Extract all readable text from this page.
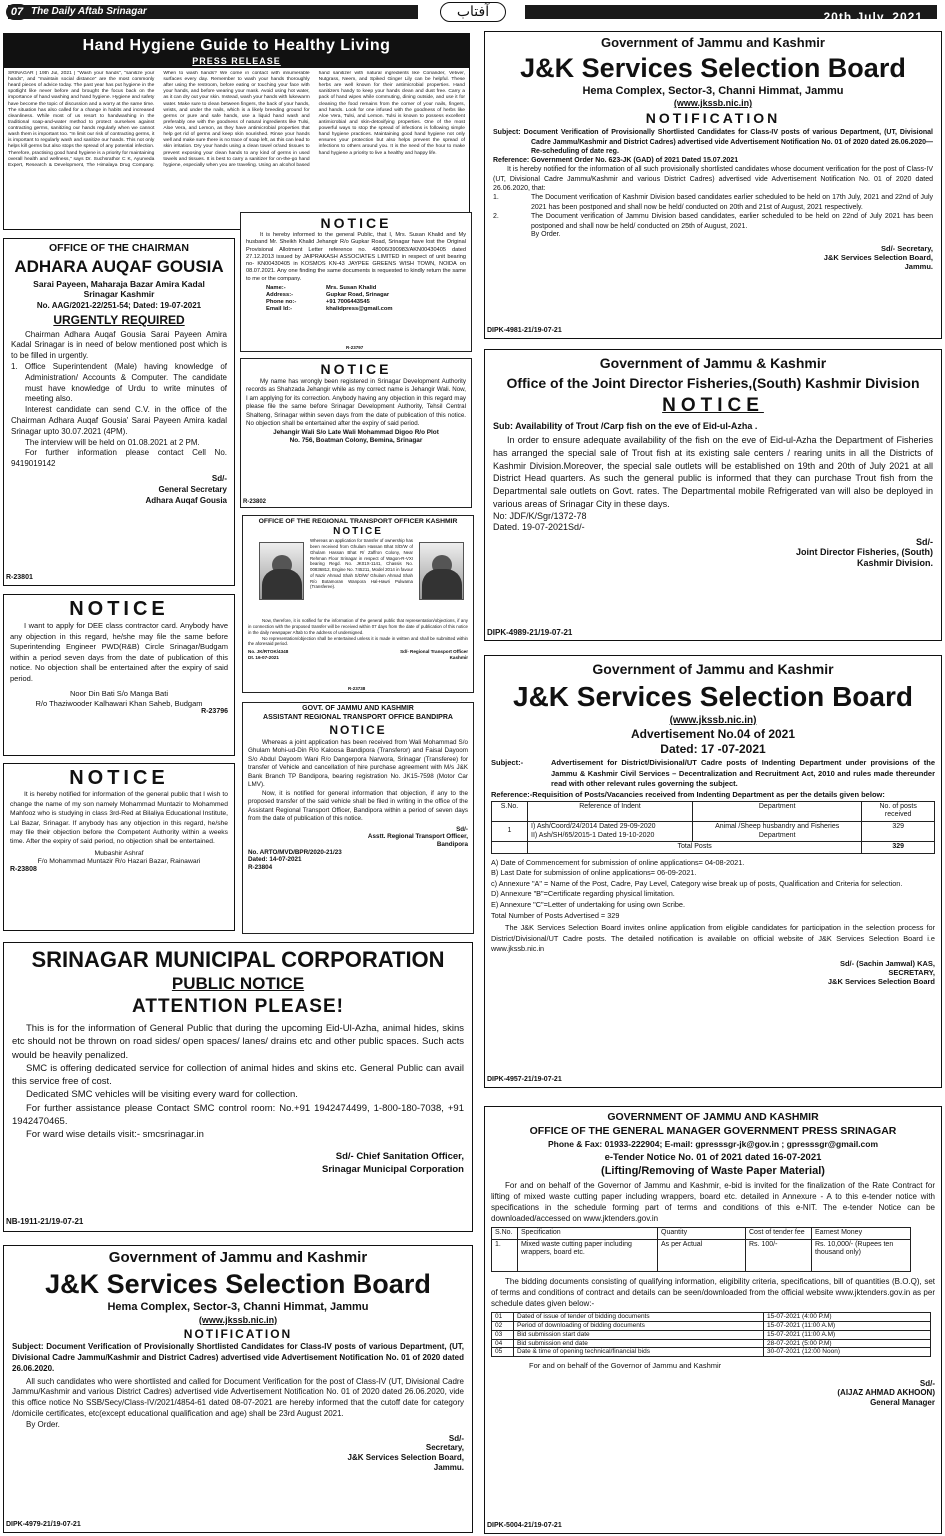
07 The Daily Aftab Srinagar	آفتاب	20th July, 2021
Hand Hygiene Guide to Healthy Living
PRESS RELEASE
SRINAGAR | 19th Jul, 2021 | "Wash your hands", "sanitize your hands", and "maintain social distance" are the most commonly heard pieces of advice today. The past year has put hygiene in the spotlight like never before and brought the focus back on the importance of hand washing and hand hygiene. Hygiene and safety have become the topic of discussion and a worry at the same time. The situation has also called for a change in habits and increased cleanliness. While most of us resort to handwashing in the traditional soap-and-water method to protect ourselves against contracting germs, sanitizing our hands regularly when we cannot wash them is important too. "In limit our risk of contracting germs, it is important to regularly wash and sanitize our hands. This not only helps kill germs but also stops the spread of any potential infection. Therefore, practising good hand hygiene is a priority for maintaining overall health and wellness," says Dr. Suchsrathor C K, Ayurveda Expert, Research & Development, The Himalaya Drug Company. When to wash hands? We come in contact with innumerable surfaces every day. Remember to wash your hands thoroughly after using the restroom, before eating or touching your face with your hands, and before wearing your mask. Avoid using hot water, as it can dry out your skin. Instead, wash your hands with lukewarm water. Make sure to clean between fingers, the back of your hands, wrists, and under the nails, which is a likely breeding ground for germs or pure and safe hands, use a liquid hand wash and preferably one with the goodness of natural ingredients like Tulsi, Aloe Vera, and Lemon, as they have antimicrobial properties that help get rid of germs and keep skin nourished. Rinse your hands well and make sure there is no trace of soap left, as this can lead to skin irritation. Dry your hands using a clean towel or/and tissues to prevent exposing your clean hands to any kind of germs in used towels and tissues. It is best to carry a sanitizer for on-the-go hand hygiene, especially when you are traveling. Using an alcohol based hand sanitizer with natural ingredients like Coriander, Vetiver, Nutgrass, Neem, and Spiked Ginger Lily can be helpful. These herbs are well known for their antimicrobial properties. Hand sanitizers handy to keep your hands clean and dust free. Carry a pack of hand wipes while commuting, dining outside, and use it for cleaning the food remains from the corner of your nails, fingers, and hands. Look for one infused with the goodness of herbs like Aloe Vera, Tulsi, and Lemon. Tulsi is known to possess excellent antimicrobial and skin-detoxifying properties. One of the most powerful ways to stop the spread of infections is following simple hand hygiene practices. Maintaining good hand hygiene not only ensures your protection but also helps prevent the spread of infections to others around you. It is the need of the hour to make hand hygiene a priority to live a healthy and happy life.
OFFICE OF THE CHAIRMAN
ADHARA AUQAF GOUSIA
Sarai Payeen, Maharaja Bazar Amira Kadal
Srinagar Kashmir
No. AAG/2021-22/251-54; Dated: 19-07-2021
URGENTLY REQUIRED

Chairman Adhara Auqaf Gousia Sarai Payeen Amira Kadal Srinagar is in need of below mentioned post which is to be filled in urgently.

1. Office Superintendent (Male) having knowledge of Administration/ Accounts & Computer. The candidate must have knowledge of Urdu to write minutes of meeting also.

Interest candidate can send C.V. in the office of the Chairman Adhara Auqaf Gousia' Sarai Payeen Amira kadal Srinagar upto 30.07.2021 (4PM).

The interview will be held on 01.08.2021 at 2 PM.

For further information please contact Cell No. 9419019142

Sd/-

General Secretary

Adhara Auqaf Gousia

R-23801
NOTICE

It is hereby informed to the general Public, that I, Mrs. Susan Khalid and My husband Mr. Sheikh Khalid Jehangir R/o Gupkar Road, Srinagar have lost the Original Provisional Allotment Letter reference no. 48006/390983/AKN00430405 dated 27.12.2013 issued by JAIPRAKASH ASSOCIATES LIMITED in respect of unit bearing no- KN00430405 in KOSMOS KN-43 JAYPEE GREENS WISH TOWN, NOIDA on 08.07.2021. Any one finding the same documents is requested to kindly return the same to me or the company.

Name:-	Mrs. Susan Khalid
Address:-	Gupkar Road, Srinagar
Phone no:-	+91 7006443545
Email Id:-	khalidpress@gmail.com
R-23797
NOTICE

My name has wrongly been registered in Srinagar Development Authority records as Shahzada Jehangir while as my correct name is Jehangir Wali. Now, I am applying for its correction. Anybody having any objection in this regard may please file the same before Srinagar Development Authority, Tehsil Central Shalteng, Srinagar within seven days from the date of publication of this notice. No objection shall be entertained after the expiry of said period.

Jehangir Wali S/o Late Wali Mohammad Digoo R/o Plot

No. 756, Boatman Colony, Bemina, Srinagar

R-23802
OFFICE OF THE REGIONAL TRANSPORT OFFICER KASHMIR
NOTICE

Whereas an application for transfer of ownership has been received from Ghulam Hassan Bhat S/D/W of Ghulam Hassan Bhat R/ Zaffron Colony, Near Rehman Floor Srinagar in respect of Wagon-R-VXI bearing Regd. No. JK01X-1141, Chassis No. 00836812, Engine No. 745211, Model 2014 in favour of Nazir Ahmad Shah S/D/W/ Ghulam Ahmad Shah R/o Botamoran Wanpora Hal-Hawri Pulwama (Transferee).

Now, therefore, it is notified for the information of the general public that representation/objections, if any in connection with the proposed transfer will be received within 07 days from the date of publication of this notice in the daily newspaper Aftab to the address of undersigned.

No representation/objection shall be entertained unless it is made in written and shall be submitted within the aforesaid period.

No. JK/RTOK/4348
Dt. 16-07-2021
Sd/- Regional Transport Officer Kashmir
R-23738
GOVT. OF JAMMU AND KASHMIR
ASSISTANT REGIONAL TRANSPORT OFFICE BANDIPRA
NOTICE

Whereas a joint application has been received from Wali Mohammad S/o Ghulam Mohi-ud-Din R/o Kaloosa Bandipora (Transferor) and Faisal Dayoom S/o Abdul Dayoom Wani R/o Dangerpora Narwora, Srinagar (Transferee) for transfer of Vehicle and cancellation of hire purchase agreement with M/s J&K Bank Branch TP Bandipora, bearing registration No. JK15-7598 (Motor Car LMV).

Now, it is notified for general information that objection, if any to the proposed transfer of the said vehicle shall be filed in writing in the office of the Assistant Regional Transport Officer, Bandipora within a period of seven days from the date of publication of this notice.

Sd/-

Asstt. Regional Transport Officer,

Bandipora

No. ARTO/MVD/BPR/2020-21/23

Dated: 14-07-2021

R-23804

NOTICE

I want to apply for DEE class contractor card. Anybody have any objection in this regard, he/she may file the same before Superintending Engineer PWD(R&B) Circle Srinagar/Budgam within a period seven days from the date of publication of this notice. No objection shall be entertained after the expiry of said period.

Noor Din Bati S/o Manga Bati

R/o Thaziwooder Kalhawari Khan Saheb, Budgam

R-23796

NOTICE

It is hereby notified for information of the general public that I wish to change the name of my son namely Mohammad Muntazir to Mohammed Mahfooz who is studying in class 3rd-Red at Bilaliya Educational Institute, Lal Bazar, Srinagar. If anybody has any objection in this regard, he/she may file their objection before the Competent Authority within a weeks time. After the expiry of said period, no objection shall be entertained.

Mubashir Ashraf

F/o Mohammad Muntazir R/o Hazari Bazar, Rainawari

R-23808

SRINAGAR MUNICIPAL CORPORATION
PUBLIC NOTICE
ATTENTION PLEASE!

This is for the information of General Public that during the upcoming Eid-Ul-Azha, animal hides, skins etc should not be thrown on road sides/ open spaces/ lanes/ drains etc and other public spaces. Such acts would be heavily penalized.

SMC is offering dedicated service for collection of animal hides and skins etc. General Public can avail this service free of cost.

Dedicated SMC vehicles will be visiting every ward for collection.

For further assistance please Contact SMC control room: No.+91 1942474499, 1-800-180-7038, +91 1942470465.

For ward wise details visit:- smcsrinagar.in

Sd/- Chief Sanitation Officer,

Srinagar Municipal Corporation

NB-1911-21/19-07-21
Government of Jammu and Kashmir
J&K Services Selection Board
Hema Complex, Sector-3, Channi Himmat, Jammu
(www.jkssb.nic.in)
NOTIFICATION

Subject: Document Verification of Provisionally Shortlisted Candidates for Class-IV posts of various Department, (UT, Divisional Cadre Jammu/Kashmir and District Cadres) advertised vide Advertisement Notification No. 01 of 2020 dated 26.06.2020.

All such candidates who were shortlisted and called for Document Verification for the post of Class-IV (UT, Divisional Cadre Jammu/Kashmir and various District Cadres) advertised vide Advertisement Notification No. 01 of 2020 dated 26.06.2020, vide this office notice No SSB/Secy/Class-IV/2021/4854-61 dated 08-07-2021 are hereby informed that the cutoff date for category /domicile certificates, etc(except educational qualification and age) shall be 23rd August 2021.

By Order.

Sd/-

Secretary,

J&K Services Selection Board,

Jammu.

DIPK-4979-21/19-07-21
Government of Jammu and Kashmir
J&K Services Selection Board
Hema Complex, Sector-3, Channi Himmat, Jammu
(www.jkssb.nic.in)
NOTIFICATION

Subject: Document Verification of Provisionally Shortlisted Candidates for Class-IV posts of various Department, (UT, Divisional Cadre Jammu/Kashmir and District Cadres) advertised vide Advertisement Notification No. 01 of 2020 dated 26.06.2020— Re-scheduling of date reg.

Reference: Government Order No. 623-JK (GAD) of 2021 Dated 15.07.2021

It is hereby notified for the information of all such provisionally shortlisted candidates whose document verification for the post of Class-IV (UT, Divisional Cadre Jammu/Kashmir and various District Cadres) advertised vide Advertisement Notification No. 01 of 2020 dated 26.06.2020, that:

1.	The Document verification of Kashmir Division based candidates earlier scheduled to be held on 17th July, 2021 and 22nd of July 2021 has been postponed and shall now be held/ conducted on 20th and 21st of August, 2021 respectively.
2.	The Document verification of Jammu Division based candidates, earlier scheduled to be held on 22nd of July 2021 has been postponed and shall now be held/ conducted on 25th of August, 2021.

By Order.

Sd/- Secretary,

J&K Services Selection Board,

Jammu.

DIPK-4981-21/19-07-21
Government of Jammu & Kashmir
Office of the Joint Director Fisheries,(South) Kashmir Division
NOTICE

Sub: Availability of Trout /Carp fish on the eve of Eid-ul-Azha .

In order to ensure adequate availability of the fish on the eve of Eid-ul-Azha the Department of Fisheries has arranged the special sale of Trout fish at its existing sale centers / rearing units in all the Districts of Kashmir Division.Moreover, the special sale outlets will be established on 19th and 20th of July 2021 at all District Head quarters. As such the general public is informed that they can purchase Trout fish from the Departmental sale outlets on Govt. rates. The Departmental mobile Refrigerated van will also be deployed in various areas of Srinagar City in these days.

No: JDF/K/Sgr/1372-78

Dated. 19-07-2021Sd/-

Sd/-

Joint Director Fisheries, (South)

Kashmir Division.

DIPK-4989-21/19-07-21
Government of Jammu and Kashmir
J&K Services Selection Board
(www.jkssb.nic.in)
Advertisement No.04 of 2021
Dated: 17 -07-2021
Subject:-	Advertisement for District/Divisional/UT Cadre posts of Indenting Department under provisions of the Jammu & Kashmir Civil Services – Decentralization and Recruitment Act, 2010 and rules made thereunder read with other relevant rules governing the subject.

Reference:-Requisition of Posts/Vacancies received from Indenting Department as per the details given below:

S.No.	Reference of Indent	Department	No. of posts received
1	I) Ash/Coord/24/2014 Dated 29-09-2020
II) Ash/SH/65/2015-1 Dated 19-10-2020	Animal /Sheep husbandry and Fisheries Department	329
	Total Posts		329

A) Date of Commencement for submission of online applications= 04-08-2021.

B) Last Date for submission of online applications= 06-09-2021.

c) Annexure "A" = Name of the Post, Cadre, Pay Level, Category wise break up of posts, Qualification and Criteria for selection.

D) Annexure "B"=Certificate regarding physical limitation.

E) Annexure "C"=Letter of undertaking for using own Scribe.

Total Number of Posts Advertised = 329

The J&K Services Selection Board invites online application from eligible candidates for participation in the selection process for District/Divisional/UT Cadre posts. The detailed notification is available on official website of J&K Services Selection Board i.e www.jkssb.nic.in

Sd/- (Sachin Jamwal) KAS,

SECRETARY,

J&K Services Selection Board

DIPK-4957-21/19-07-21
GOVERNMENT OF JAMMU AND KASHMIR
OFFICE OF THE GENERAL MANAGER GOVERNMENT PRESS SRINAGAR
Phone & Fax: 01933-222904; E-mail: gpresssgr-jk@gov.in ; gpresssgr@gmail.com
e-Tender Notice No. 01 of 2021 dated 16-07-2021
(Lifting/Removing of Waste Paper Material)

For and on behalf of the Governor of Jammu and Kashmir, e-bid is invited for the finalization of the Rate Contract for lifting of mixed waste cutting paper including wrappers, board etc. detailed in Annexure - A to this e-tender notice with specifications in the schedule forming part of terms and conditions of this e-NIT. The e-tender Notice can be downloaded/accessed on www.jktenders.gov.in

S.No.	Specification	Quantity	Cost of tender fee	Earnest Money
1.	Mixed waste cutting paper including wrappers, board etc.	As per Actual	Rs. 100/-	Rs. 10,000/- (Rupees ten thousand only)

The bidding documents consisting of qualifying information, eligibility criteria, specifications, bill of quantities (B.O.Q), set of terms and conditions of contract and details can be seen/downloaded from the official website www.jktenders.gov.in as per schedule dates given below:-

01	Dated of issue of tender of bidding documents	15-07-2021 (4:00 P.M)
02	Period of downloading of bidding documents	15-07-2021 (11:00 A.M)
03	Bid submission start date	15-07-2021 (11:00 A.M)
04	Bid submission end date	28-07-2021 (5:00 P.M)
05	Date & time of opening technical/financial bids	30-07-2021 (12:00 Noon)

For and on behalf of the Governor of Jammu and Kashmir

Sd/-

(AIJAZ AHMAD AKHOON)

General Manager

DIPK-5004-21/19-07-21
